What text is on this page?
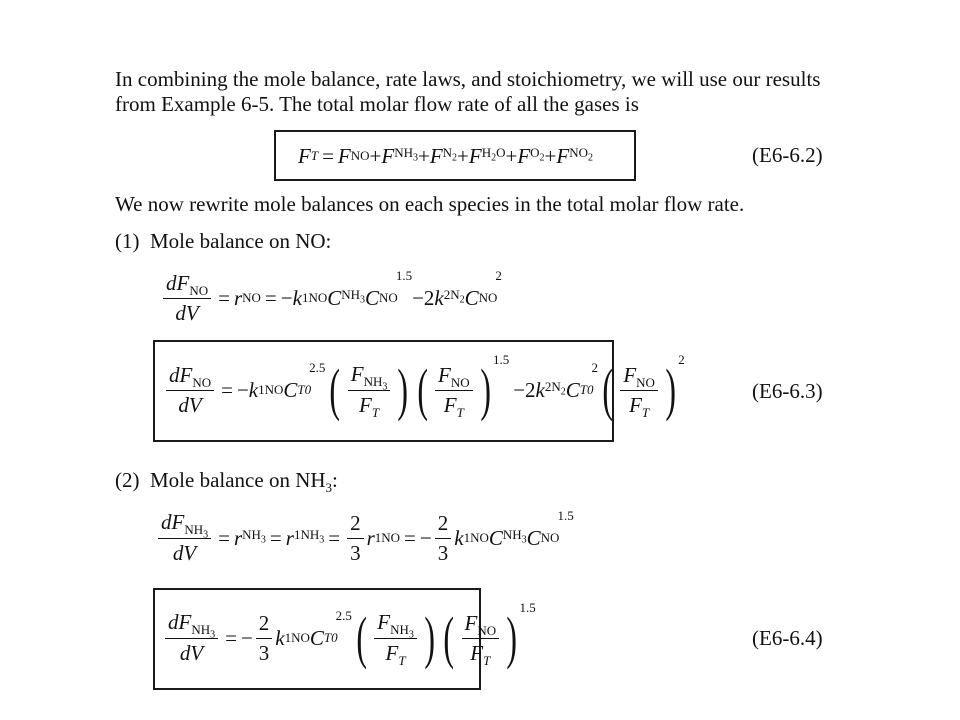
In combining the mole balance, rate laws, and stoichiometry, we will use our results
from Example 6-5. The total molar flow rate of all the gases is
F T = F NO + F $NH_3 + F$ $N_2 + F$ $H_2O + F$ $O_2 + F$ $NO_2$	(E6-6.2)
We now rewrite mole balances on each species in the total molar flow rate.
(1) Mole balance on NO:
$\frac{dF_{NO}}{dV} = r$ NO =
− k 1NO C $NH_3$ C NO
1.5
−2 k $2N_2$ C NO
2
$\frac{dF_{NO}}{dV}$ =
− k 1NO C T0
2.5 ( $\frac{F_{NH_3}}{F_T}$ ) ( $\frac{F_{NO}}{F_T}$ ) 1.5
−2 k $2N_2$ C T0
2 ( $\frac{F_{NO}}{F_T}$ ) 2
(E6-6.3)
(2) Mole balance on $NH_3$:
$\frac{dF_{NH_3}}{dV} = r$ $NH_3 = r$ $1NH_3 = \frac{2}{3}$ r 1NO =
− $\frac{2}{3}$ k 1NO C $NH_3$ C NO
1.5
$\frac{dF_{NH_3}}{dV}$ =
− $\frac{2}{3}$ k 1NO C T0
2.5 ( $\frac{F_{NH_3}}{F_T}$ ) ( $\frac{F_{NO}}{F_T}$ ) 1.5
(E6-6.4)
